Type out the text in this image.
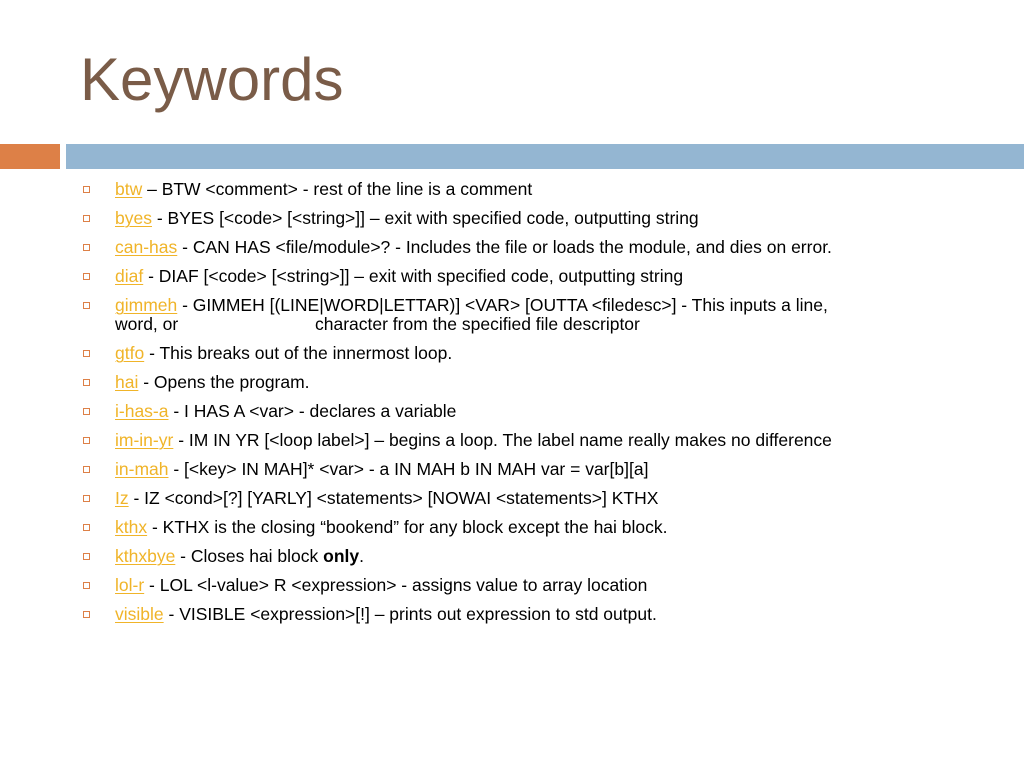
Keywords
btw – BTW <comment> - rest of the line is a comment
byes - BYES [<code> [<string>]] – exit with specified code, outputting string
can-has - CAN HAS <file/module>? - Includes the file or loads the module, and dies on error.
diaf - DIAF [<code> [<string>]] – exit with specified code, outputting string
gimmeh - GIMMEH [(LINE|WORD|LETTAR)] <VAR> [OUTTA <filedesc>] - This inputs a line,
word, or	character from the specified file descriptor
gtfo - This breaks out of the innermost loop.
hai - Opens the program.
i-has-a - I HAS A <var> - declares a variable
im-in-yr - IM IN YR [<loop label>] – begins a loop. The label name really makes no difference
in-mah - [<key> IN MAH]* <var> - a IN MAH b IN MAH var = var[b][a]
Iz - IZ <cond>[?] [YARLY] <statements> [NOWAI <statements>] KTHX
kthx - KTHX is the closing “bookend” for any block except the hai block.
kthxbye - Closes hai block only.
lol-r - LOL <l-value> R <expression> - assigns value to array location
visible - VISIBLE <expression>[!] – prints out expression to std output.
